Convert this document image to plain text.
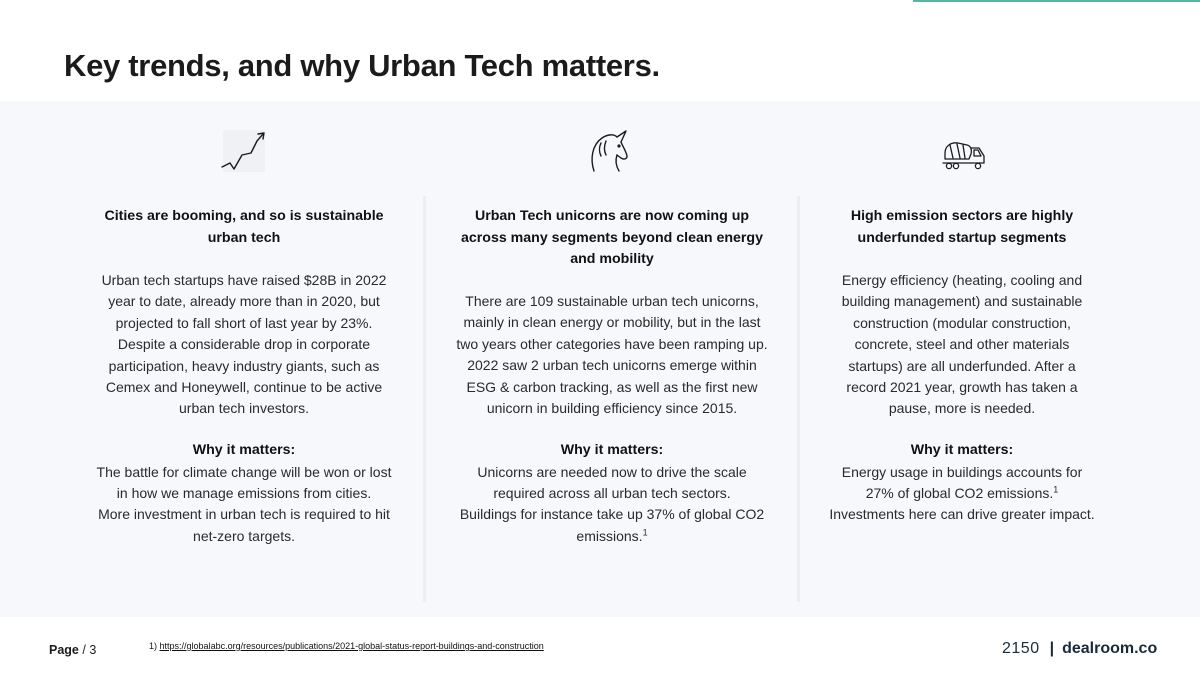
Key trends, and why Urban Tech matters.
Cities are booming, and so is sustainable
urban tech

Urban tech startups have raised $28B in 2022
year to date, already more than in 2020, but
projected to fall short of last year by 23%.
Despite a considerable drop in corporate
participation, heavy industry giants, such as
Cemex and Honeywell, continue to be active
urban tech investors.

Why it matters:

The battle for climate change will be won or lost
in how we manage emissions from cities.
More investment in urban tech is required to hit
net-zero targets.

Urban Tech unicorns are now coming up
across many segments beyond clean energy
and mobility

There are 109 sustainable urban tech unicorns,
mainly in clean energy or mobility, but in the last
two years other categories have been ramping up.
2022 saw 2 urban tech unicorns emerge within
ESG & carbon tracking, as well as the first new
unicorn in building efficiency since 2015.

Why it matters:

Unicorns are needed now to drive the scale
required across all urban tech sectors.
Buildings for instance take up 37% of global CO2
emissions.$^1$

High emission sectors are highly
underfunded startup segments

Energy efficiency (heating, cooling and
building management) and sustainable
construction (modular construction,
concrete, steel and other materials
startups) are all underfunded. After a
record 2021 year, growth has taken a
pause, more is needed.

Why it matters:

Energy usage in buildings accounts for
27% of global CO2 emissions.$^1$
Investments here can drive greater impact.

Page / 3	1) https://globalabc.org/resources/publications/2021-global-status-report-buildings-and-construction	2150 | dealroom.co
